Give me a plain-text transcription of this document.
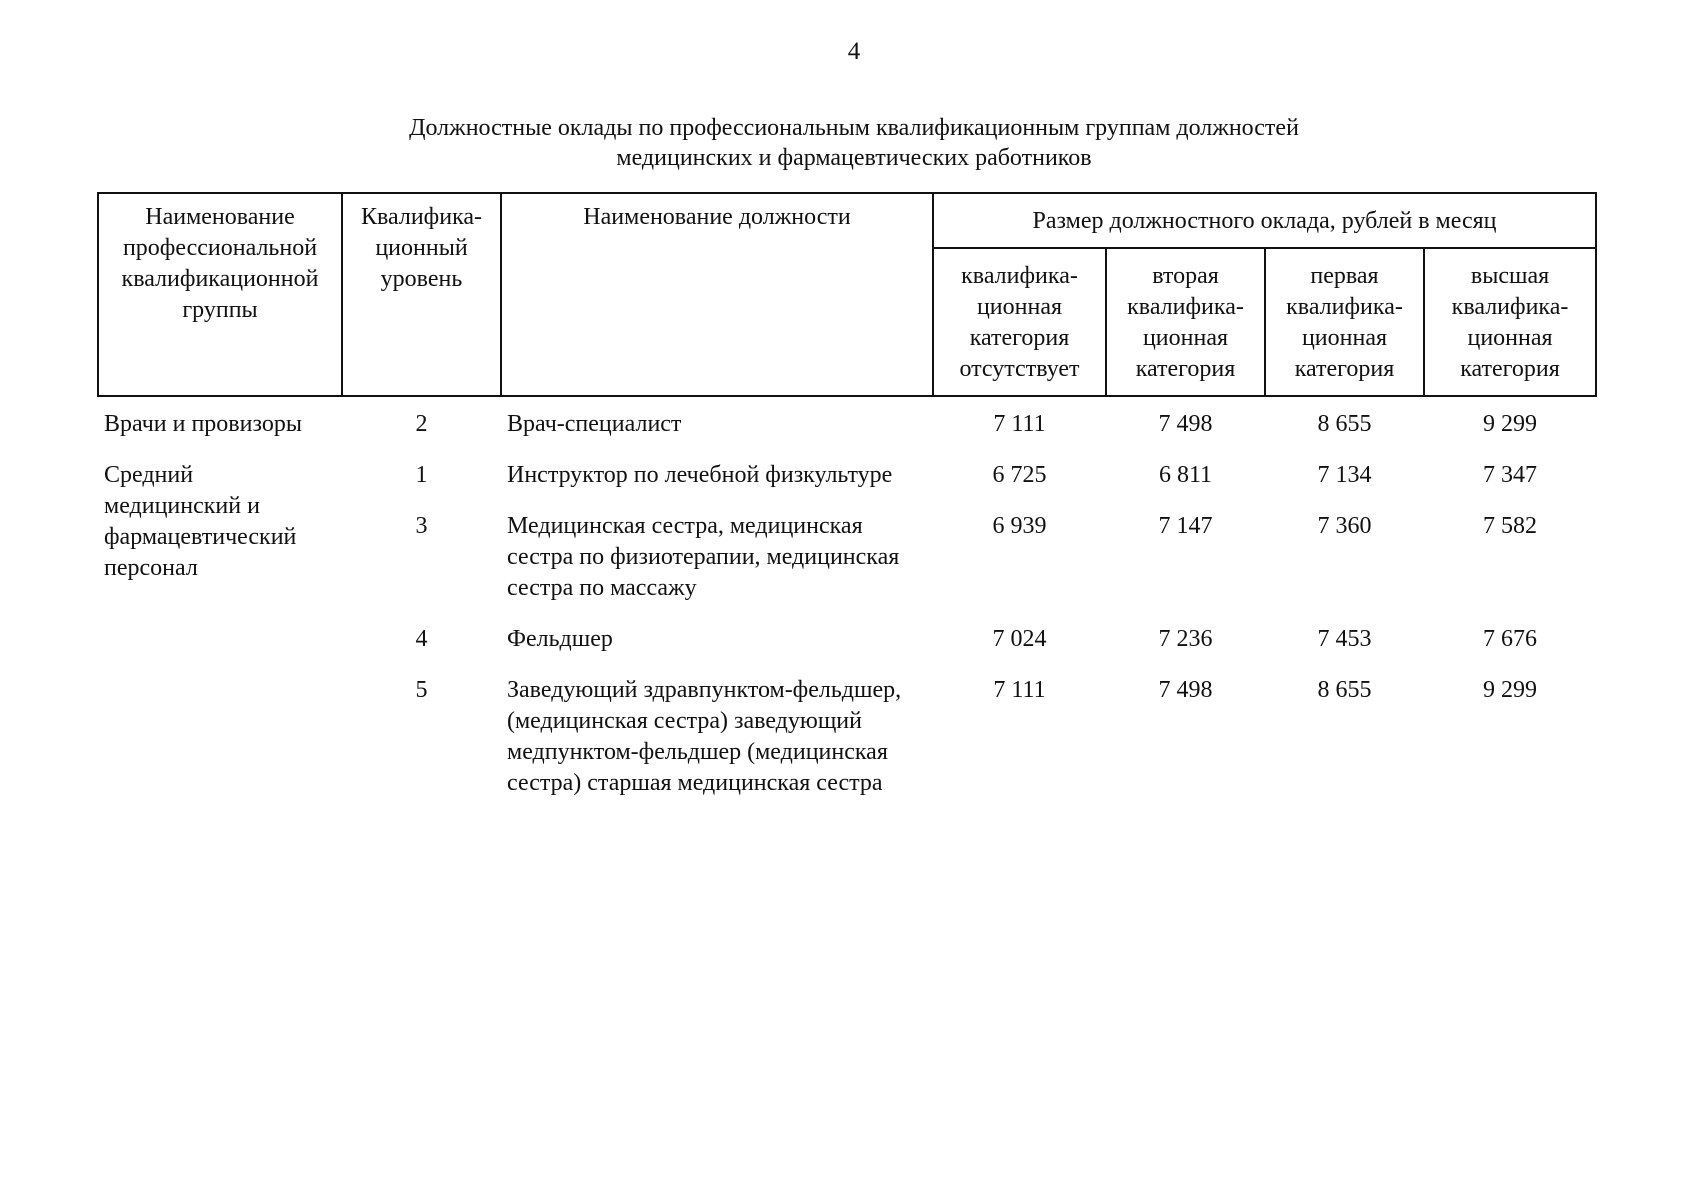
4
Должностные оклады по профессиональным квалификационным группам должностей
медицинских и фармацевтических работников
Наименование профессиональной квалификационной группы	Квалифика-ционный уровень	Наименование должности	Размер должностного оклада, рублей в месяц			
			квалифика-ционная категория отсутствует	вторая квалифика-ционная категория	первая квалифика-ционная категория	высшая квалифика-ционная категория
Врачи и провизоры	2	Врач-специалист	7 111	7 498	8 655	9 299
Средний медицинский и фармацевтический персонал	1	Инструктор по лечебной физкультуре	6 725	6 811	7 134	7 347
	3	Медицинская сестра, медицинская сестра по физиотерапии, медицинская сестра по массажу	6 939	7 147	7 360	7 582
	4	Фельдшер	7 024	7 236	7 453	7 676
	5	Заведующий здравпунктом-фельдшер, (медицинская сестра) заведующий медпунктом-фельдшер (медицинская сестра) старшая медицинская сестра	7 111	7 498	8 655	9 299
